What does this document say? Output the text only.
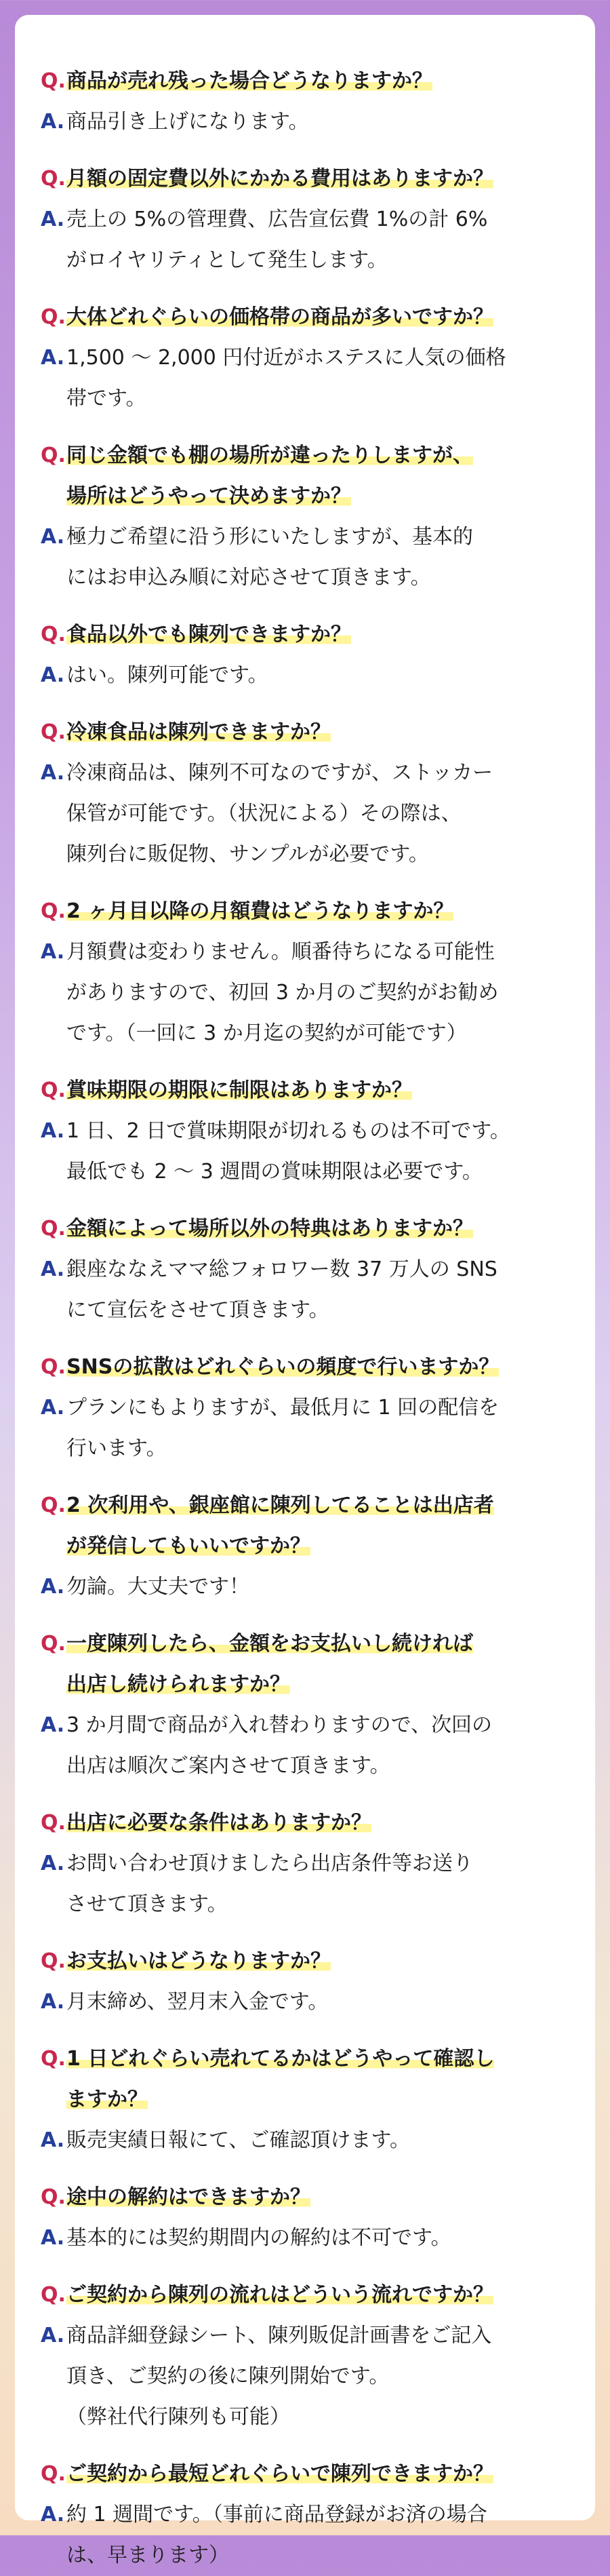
Q. 商品が売れ残った場合どうなりますか？
A. 商品引き上げになります。
Q. 月額の固定費以外にかかる費用はありますか？
A. 売上の 5%の管理費、広告宣伝費 1%の計 6%
がロイヤリティとして発生します。
Q. 大体どれぐらいの価格帯の商品が多いですか？
A. 1,500 ～ 2,000 円付近がホステスに人気の価格
帯です。
Q. 同じ金額でも棚の場所が違ったりしますが、
場所はどうやって決めますか？
A. 極力ご希望に沿う形にいたしますが、基本的
にはお申込み順に対応させて頂きます。
Q. 食品以外でも陳列できますか？
A. はい。陳列可能です。
Q. 冷凍食品は陳列できますか？
A. 冷凍商品は、陳列不可なのですが、ストッカー
保管が可能です。（状況による）その際は、
陳列台に販促物、サンプルが必要です。
Q. 2 ヶ月目以降の月額費はどうなりますか？
A. 月額費は変わりません。順番待ちになる可能性
がありますので、初回 3 か月のご契約がお勧め
です。（一回に 3 か月迄の契約が可能です）
Q. 賞味期限の期限に制限はありますか？
A. 1 日、2 日で賞味期限が切れるものは不可です。
最低でも 2 ～ 3 週間の賞味期限は必要です。
Q. 金額によって場所以外の特典はありますか？
A. 銀座ななえママ総フォロワー数 37 万人の SNS
にて宣伝をさせて頂きます。
Q. SNSの拡散はどれぐらいの頻度で行いますか？
A. プランにもよりますが、最低月に 1 回の配信を
行います。
Q. 2 次利用や、銀座館に陳列してることは出店者
が発信してもいいですか？
A. 勿論。大丈夫です！
Q. 一度陳列したら、金額をお支払いし続ければ
出店し続けられますか？
A. 3 か月間で商品が入れ替わりますので、次回の
出店は順次ご案内させて頂きます。
Q. 出店に必要な条件はありますか？
A. お問い合わせ頂けましたら出店条件等お送り
させて頂きます。
Q. お支払いはどうなりますか？
A. 月末締め、翌月末入金です。
Q. 1 日どれぐらい売れてるかはどうやって確認し
ますか？
A. 販売実績日報にて、ご確認頂けます。
Q. 途中の解約はできますか？
A. 基本的には契約期間内の解約は不可です。
Q. ご契約から陳列の流れはどういう流れですか？
A. 商品詳細登録シート、陳列販促計画書をご記入
頂き、ご契約の後に陳列開始です。
（弊社代行陳列も可能）
Q. ご契約から最短どれぐらいで陳列できますか？
A. 約 1 週間です。（事前に商品登録がお済の場合
は、早まります）
